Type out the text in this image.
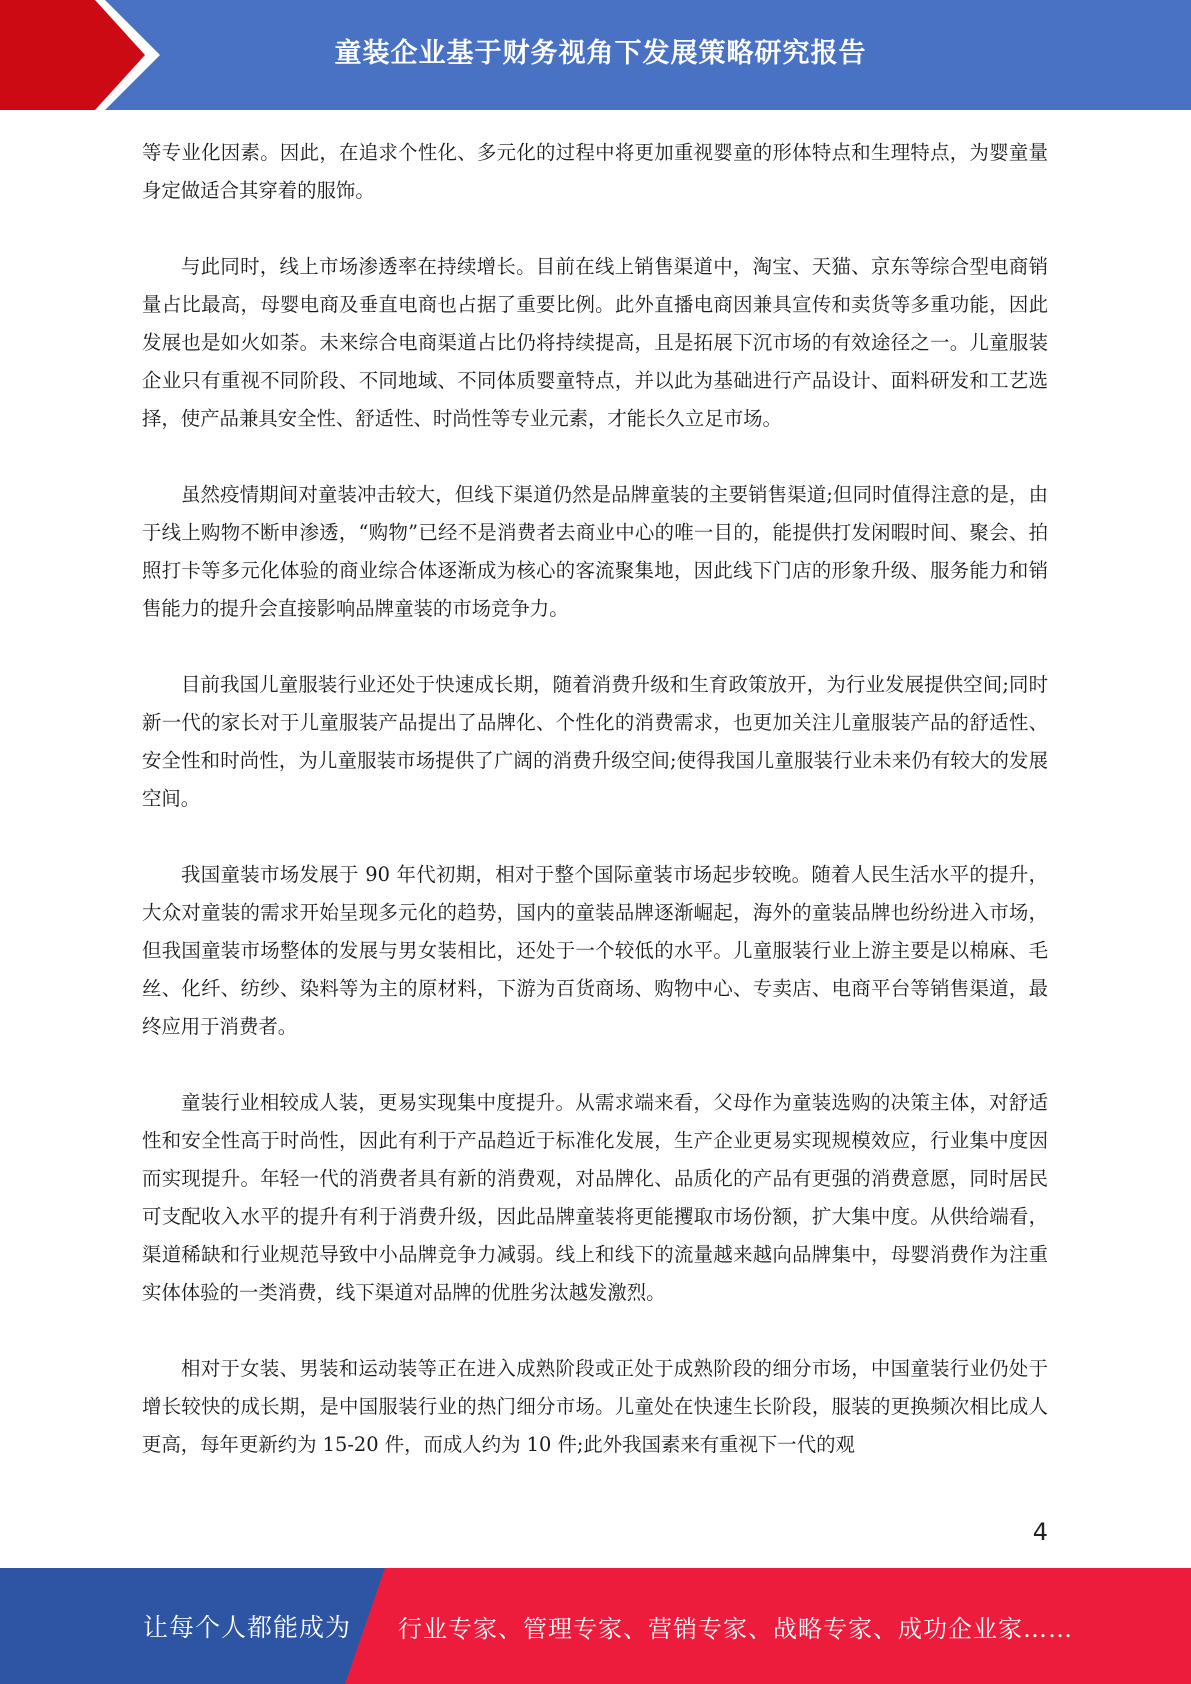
童装企业基于财务视角下发展策略研究报告

等专业化因素。因此，在追求个性化、多元化的过程中将更加重视婴童的形体特点和生理特点，为婴童量身定做适合其穿着的服饰。

与此同时，线上市场渗透率在持续增长。目前在线上销售渠道中，淘宝、天猫、京东等综合型电商销量占比最高，母婴电商及垂直电商也占据了重要比例。此外直播电商因兼具宣传和卖货等多重功能，因此发展也是如火如荼。未来综合电商渠道占比仍将持续提高，且是拓展下沉市场的有效途径之一。儿童服装企业只有重视不同阶段、不同地域、不同体质婴童特点，并以此为基础进行产品设计、面料研发和工艺选择，使产品兼具安全性、舒适性、时尚性等专业元素，才能长久立足市场。

虽然疫情期间对童装冲击较大，但线下渠道仍然是品牌童装的主要销售渠道;但同时值得注意的是，由于线上购物不断申渗透，“购物”已经不是消费者去商业中心的唯一目的，能提供打发闲暇时间、聚会、拍照打卡等多元化体验的商业综合体逐渐成为核心的客流聚集地，因此线下门店的形象升级、服务能力和销售能力的提升会直接影响品牌童装的市场竞争力。

目前我国儿童服装行业还处于快速成长期，随着消费升级和生育政策放开，为行业发展提供空间;同时新一代的家长对于儿童服装产品提出了品牌化、个性化的消费需求，也更加关注儿童服装产品的舒适性、安全性和时尚性，为儿童服装市场提供了广阔的消费升级空间;使得我国儿童服装行业未来仍有较大的发展空间。

我国童装市场发展于 90 年代初期，相对于整个国际童装市场起步较晚。随着人民生活水平的提升，大众对童装的需求开始呈现多元化的趋势，国内的童装品牌逐渐崛起，海外的童装品牌也纷纷进入市场，但我国童装市场整体的发展与男女装相比，还处于一个较低的水平。儿童服装行业上游主要是以棉麻、毛丝、化纤、纺纱、染料等为主的原材料，下游为百货商场、购物中心、专卖店、电商平台等销售渠道，最终应用于消费者。

童装行业相较成人装，更易实现集中度提升。从需求端来看，父母作为童装选购的决策主体，对舒适性和安全性高于时尚性，因此有利于产品趋近于标准化发展，生产企业更易实现规模效应，行业集中度因而实现提升。年轻一代的消费者具有新的消费观，对品牌化、品质化的产品有更强的消费意愿，同时居民可支配收入水平的提升有利于消费升级，因此品牌童装将更能攫取市场份额，扩大集中度。从供给端看，渠道稀缺和行业规范导致中小品牌竞争力减弱。线上和线下的流量越来越向品牌集中，母婴消费作为注重实体体验的一类消费，线下渠道对品牌的优胜劣汰越发激烈。

相对于女装、男装和运动装等正在进入成熟阶段或正处于成熟阶段的细分市场，中国童装行业仍处于增长较快的成长期，是中国服装行业的热门细分市场。儿童处在快速生长阶段，服装的更换频次相比成人更高，每年更新约为 15-20 件，而成人约为 10 件;此外我国素来有重视下一代的观

4
让每个人都能成为 行业专家、管理专家、营销专家、战略专家、成功企业家……
